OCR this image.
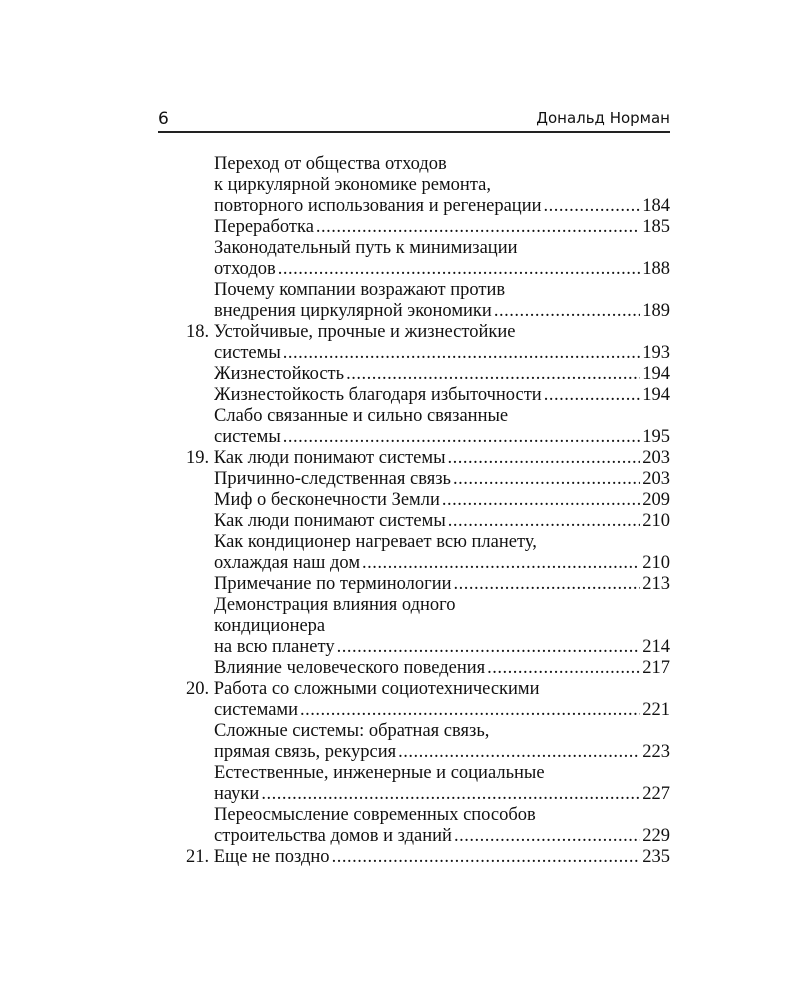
6	Дональд Норман
Переход от общества отходов
к циркулярной экономике ремонта,
повторного использования и регенерации .....	184
Переработка .....	185
Законодательный путь к минимизации
отходов .....	188
Почему компании возражают против
внедрения циркулярной экономики .....	189
18. Устойчивые, прочные и жизнестойкие
системы .....	193
Жизнестойкость .....	194
Жизнестойкость благодаря избыточности .....	194
Слабо связанные и сильно связанные
системы .....	195
19. Как люди понимают системы .....	203
Причинно-следственная связь .....	203
Миф о бесконечности Земли .....	209
Как люди понимают системы .....	210
Как кондиционер нагревает всю планету,
охлаждая наш дом .....	210
Примечание по терминологии .....	213
Демонстрация влияния одного
кондиционера
на всю планету .....	214
Влияние человеческого поведения .....	217
20. Работа со сложными социотехническими
системами .....	221
Сложные системы: обратная связь,
прямая связь, рекурсия .....	223
Естественные, инженерные и социальные
науки .....	227
Переосмысление современных способов
строительства домов и зданий .....	229
21. Еще не поздно .....	235
